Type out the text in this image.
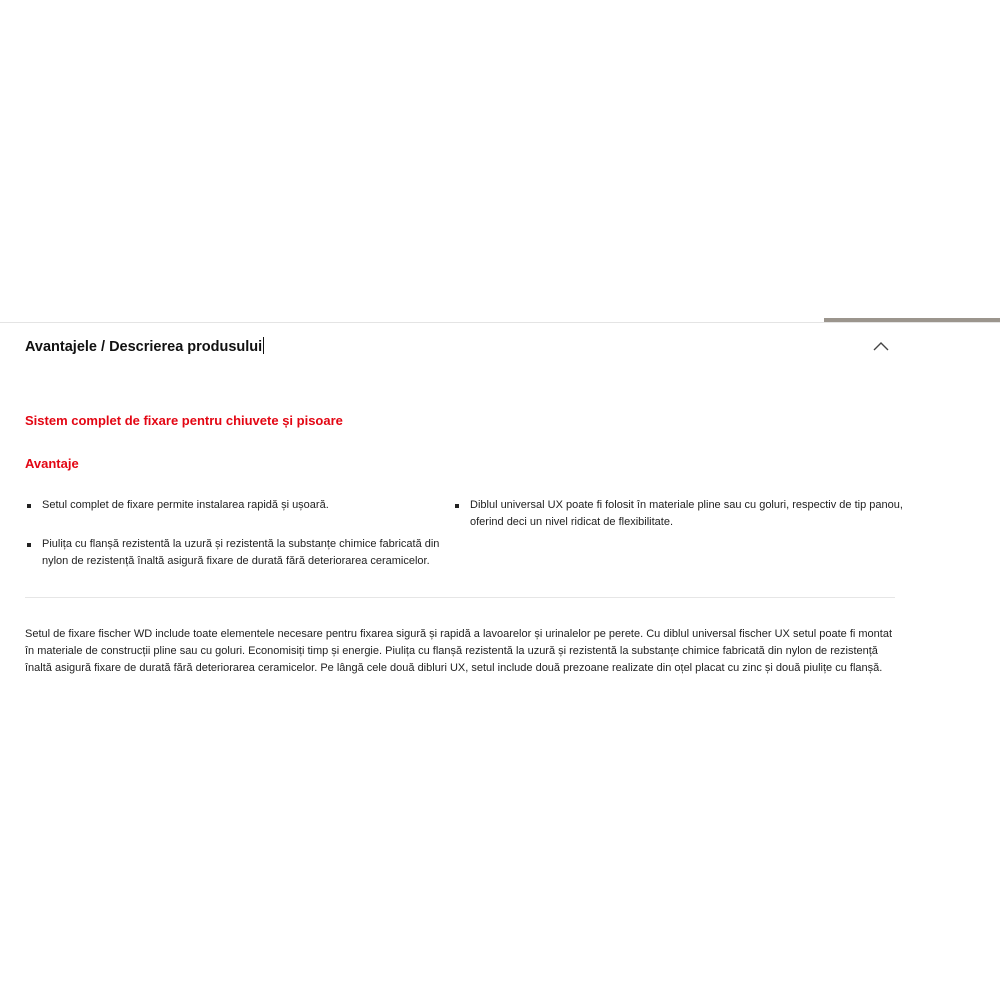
Avantajele / Descrierea produsului
Sistem complet de fixare pentru chiuvete și pisoare
Avantaje
Setul complet de fixare permite instalarea rapidă și ușoară.
Piulița cu flanșă rezistentă la uzură și rezistentă la substanțe chimice fabricată din nylon de rezistență înaltă asigură fixare de durată fără deteriorarea ceramicelor.
Diblul universal UX poate fi folosit în materiale pline sau cu goluri, respectiv de tip panou, oferind deci un nivel ridicat de flexibilitate.
Setul de fixare fischer WD include toate elementele necesare pentru fixarea sigură și rapidă a lavoarelor și urinalelor pe perete. Cu diblul universal fischer UX setul poate fi montat în materiale de construcții pline sau cu goluri. Economisiți timp și energie. Piulița cu flanșă rezistentă la uzură și rezistentă la substanțe chimice fabricată din nylon de rezistență înaltă asigură fixare de durată fără deteriorarea ceramicelor. Pe lângă cele două dibluri UX, setul include două prezoane realizate din oțel placat cu zinc și două piulițe cu flanșă.
